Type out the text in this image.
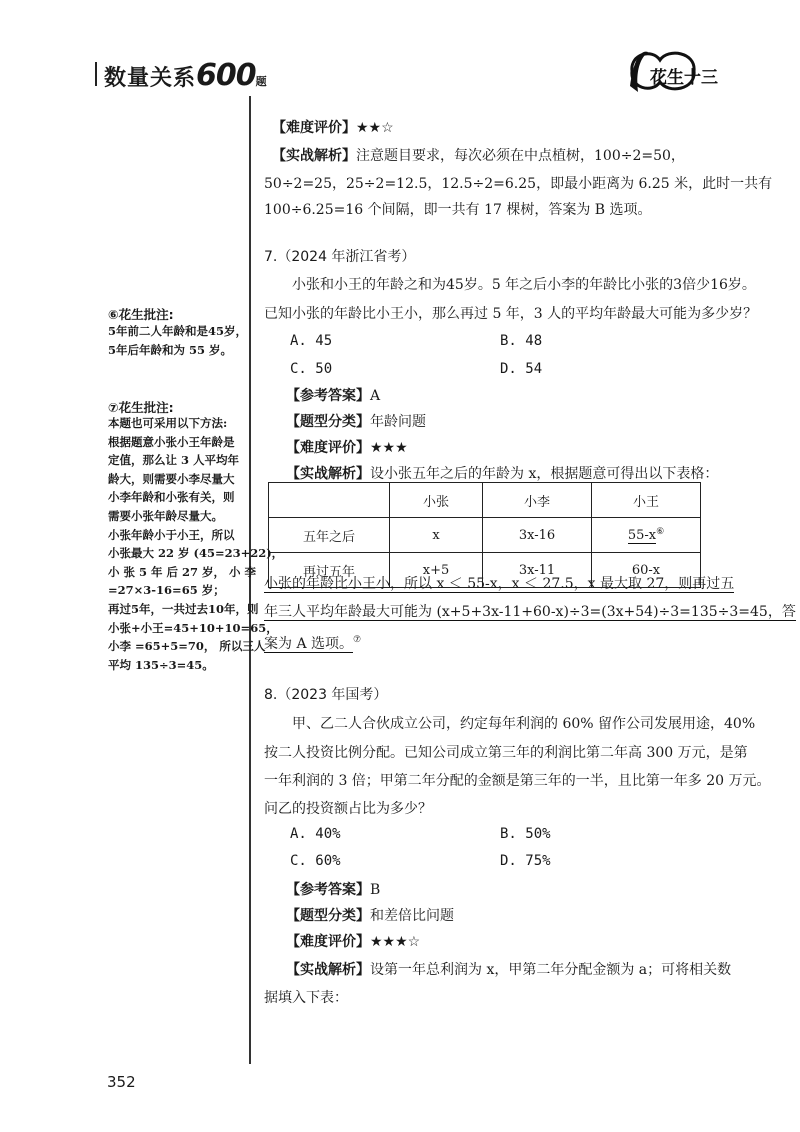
数量关系600题	花生十三
【难度评价】★★☆
【实战解析】注意题目要求，每次必须在中点植树，100÷2=50，
50÷2=25，25÷2=12.5，12.5÷2=6.25，即最小距离为 6.25 米，此时一共有
100÷6.25=16 个间隔，即一共有 17 棵树，答案为 B 选项。
7.（2024 年浙江省考）
小张和小王的年龄之和为45岁。5 年之后小李的年龄比小张的3倍少16岁。
已知小张的年龄比小王小，那么再过 5 年，3 人的平均年龄最大可能为多少岁？
A. 45	B. 48
C. 50	D. 54
【参考答案】A
【题型分类】年龄问题
【难度评价】★★★
【实战解析】设小张五年之后的年龄为 x，根据题意可得出以下表格：
	小张	小李	小王
五年之后	x	3x-16	55-x⑥
再过五年	x+5	3x-11	60-x
小张的年龄比小王小，所以 x ＜ 55-x，x ＜ 27.5，x 最大取 27，则再过五
年三人平均年龄最大可能为 (x+5+3x-11+60-x)÷3=(3x+54)÷3=135÷3=45，答
案为 A 选项。⑦
⑥花生批注:
5年前二人年龄和是45岁，
5年后年龄和为 55 岁。
⑦花生批注:
本题也可采用以下方法:
根据题意小张小王年龄是
定值，那么让 3 人平均年
龄大，则需要小李尽量大
小李年龄和小张有关，则
需要小张年龄尽量大。
小张年龄小于小王，所以
小张最大 22 岁 (45=23+22)，
小 张 5 年 后 27 岁， 小 李
=27×3-16=65 岁；
再过5年，一共过去10年，则
小张+小王=45+10+10=65，
小李 =65+5=70， 所以三人
平均 135÷3=45。
8.（2023 年国考）
甲、乙二人合伙成立公司，约定每年利润的 60% 留作公司发展用途，40%
按二人投资比例分配。已知公司成立第三年的利润比第二年高 300 万元，是第
一年利润的 3 倍；甲第二年分配的金额是第三年的一半，且比第一年多 20 万元。
问乙的投资额占比为多少？
A. 40%	B. 50%
C. 60%	D. 75%
【参考答案】B
【题型分类】和差倍比问题
【难度评价】★★★☆
【实战解析】设第一年总利润为 x，甲第二年分配金额为 a；可将相关数
据填入下表：
352
